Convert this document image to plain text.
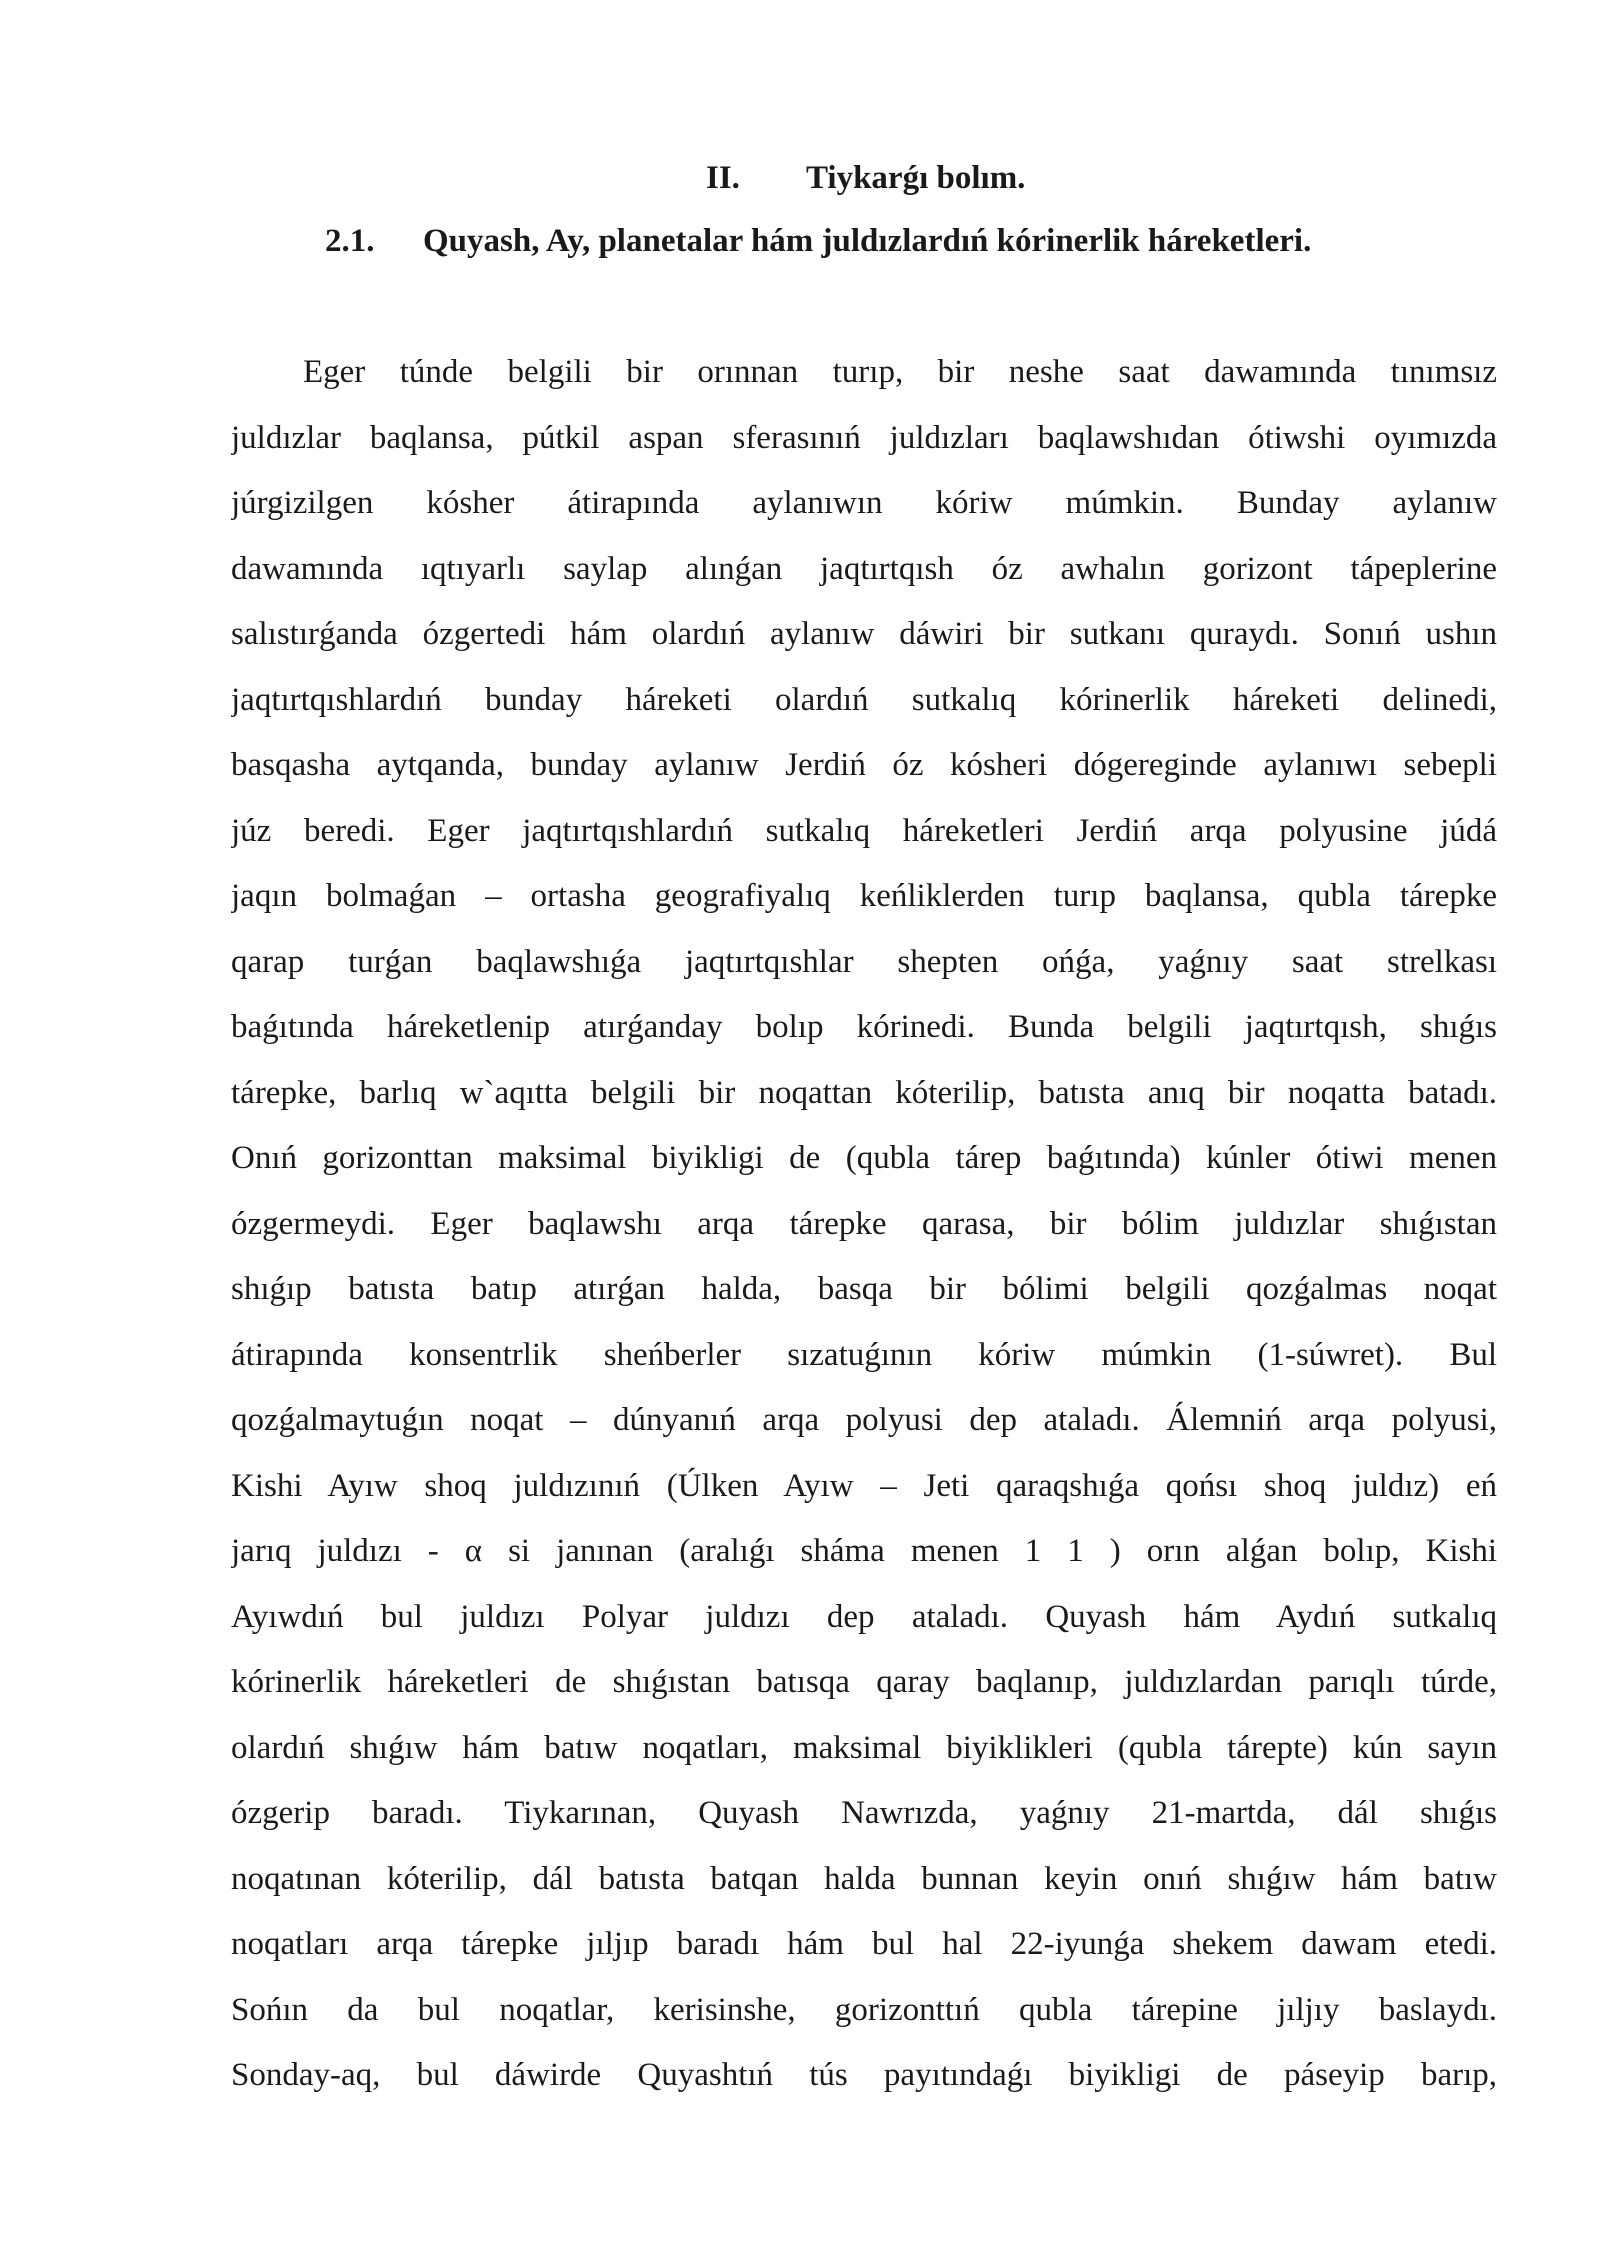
II. Tiykarǵı bolım.
2.1. Quyash, Ay, planetalar hám juldızlardıń kórinerlik háreketleri.
Eger túnde belgili bir orınnan turıp, bir neshe saat dawamında tınımsız
juldızlar baqlansa, pútkil aspan sferasınıń juldızları baqlawshıdan ótiwshi oyımızda
júrgizilgen kósher átirapında aylanıwın kóriw múmkin. Bunday aylanıw
dawamında ıqtıyarlı saylap alınǵan jaqtırtqısh óz awhalın gorizont tápeplerine
salıstırǵanda ózgertedi hám olardıń aylanıw dáwiri bir sutkanı quraydı. Sonıń ushın
jaqtırtqıshlardıń bunday háreketi olardıń sutkalıq kórinerlik háreketi delinedi,
basqasha aytqanda, bunday aylanıw Jerdiń óz kósheri dógereginde aylanıwı sebepli
júz beredi. Eger jaqtırtqıshlardıń sutkalıq háreketleri Jerdiń arqa polyusine júdá
jaqın bolmaǵan – ortasha geografiyalıq keńliklerden turıp baqlansa, qubla tárepke
qarap turǵan baqlawshıǵa jaqtırtqıshlar shepten ońǵa, yaǵnıy saat strelkası
baǵıtında háreketlenip atırǵanday bolıp kórinedi. Bunda belgili jaqtırtqısh, shıǵıs
tárepke, barlıq w`aqıtta belgili bir noqattan kóterilip, batısta anıq bir noqatta batadı.
Onıń gorizonttan maksimal biyikligi de (qubla tárep baǵıtında) kúnler ótiwi menen
ózgermeydi. Eger baqlawshı arqa tárepke qarasa, bir bólim juldızlar shıǵıstan
shıǵıp batısta batıp atırǵan halda, basqa bir bólimi belgili qozǵalmas noqat
átirapında konsentrlik sheńberler sızatuǵının kóriw múmkin (1-súwret). Bul
qozǵalmaytuǵın noqat – dúnyanıń arqa polyusi dep ataladı. Álemniń arqa polyusi,
Kishi Ayıw shoq juldızınıń (Úlken Ayıw – Jeti qaraqshıǵa qońsı shoq juldız) eń
jarıq juldızı - α si janınan (aralıǵı sháma menen 1 1 ) orın alǵan bolıp, Kishi
Ayıwdıń bul juldızı Polyar juldızı dep ataladı. Quyash hám Aydıń sutkalıq
kórinerlik háreketleri de shıǵıstan batısqa qaray baqlanıp, juldızlardan parıqlı túrde,
olardıń shıǵıw hám batıw noqatları, maksimal biyiklikleri (qubla tárepte) kún sayın
ózgerip baradı. Tiykarınan, Quyash Nawrızda, yaǵnıy 21-martda, dál shıǵıs
noqatınan kóterilip, dál batısta batqan halda bunnan keyin onıń shıǵıw hám batıw
noqatları arqa tárepke jıljıp baradı hám bul hal 22-iyunǵa shekem dawam etedi.
Sońın da bul noqatlar, kerisinshe, gorizonttıń qubla tárepine jıljıy baslaydı.
Sonday-aq, bul dáwirde Quyashtıń tús payıtındaǵı biyikligi de páseyip barıp,
